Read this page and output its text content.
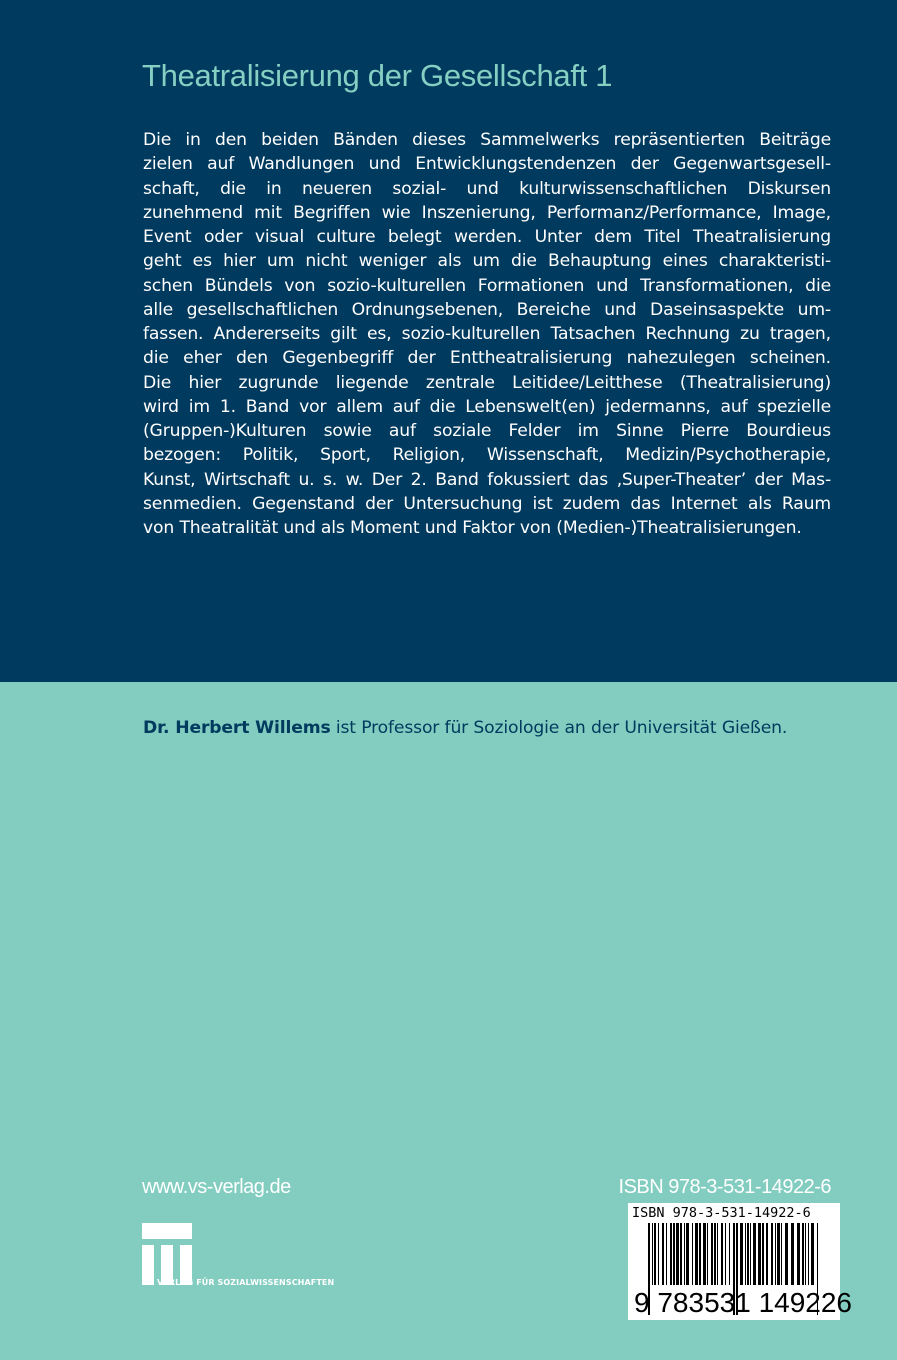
Theatralisierung der Gesellschaft 1
Die in den beiden Bänden dieses Sammelwerks repräsentierten Beiträge
zielen auf Wandlungen und Entwicklungstendenzen der Gegenwartsgesell-
schaft, die in neueren sozial- und kulturwissenschaftlichen Diskursen
zunehmend mit Begriffen wie Inszenierung, Performanz/Performance, Image,
Event oder visual culture belegt werden. Unter dem Titel Theatralisierung
geht es hier um nicht weniger als um die Behauptung eines charakteristi-
schen Bündels von sozio-kulturellen Formationen und Transformationen, die
alle gesellschaftlichen Ordnungsebenen, Bereiche und Daseinsaspekte um-
fassen. Andererseits gilt es, sozio-kulturellen Tatsachen Rechnung zu tragen,
die eher den Gegenbegriff der Enttheatralisierung nahezulegen scheinen.
Die hier zugrunde liegende zentrale Leitidee/Leitthese (Theatralisierung)
wird im 1. Band vor allem auf die Lebenswelt(en) jedermanns, auf spezielle
(Gruppen-)Kulturen sowie auf soziale Felder im Sinne Pierre Bourdieus
bezogen: Politik, Sport, Religion, Wissenschaft, Medizin/Psychotherapie,
Kunst, Wirtschaft u. s. w. Der 2. Band fokussiert das ‚Super-Theater’ der Mas-
senmedien. Gegenstand der Untersuchung ist zudem das Internet als Raum
von Theatralität und als Moment und Faktor von (Medien-)Theatralisierungen.
Dr. Herbert Willems ist Professor für Soziologie an der Universität Gießen.
www.vs-verlag.de	ISBN 978-3-531-14922-6
VS VERLAG FÜR SOZIALWISSENSCHAFTEN
ISBN 978-3-531-14922-6
9 783531 149226
